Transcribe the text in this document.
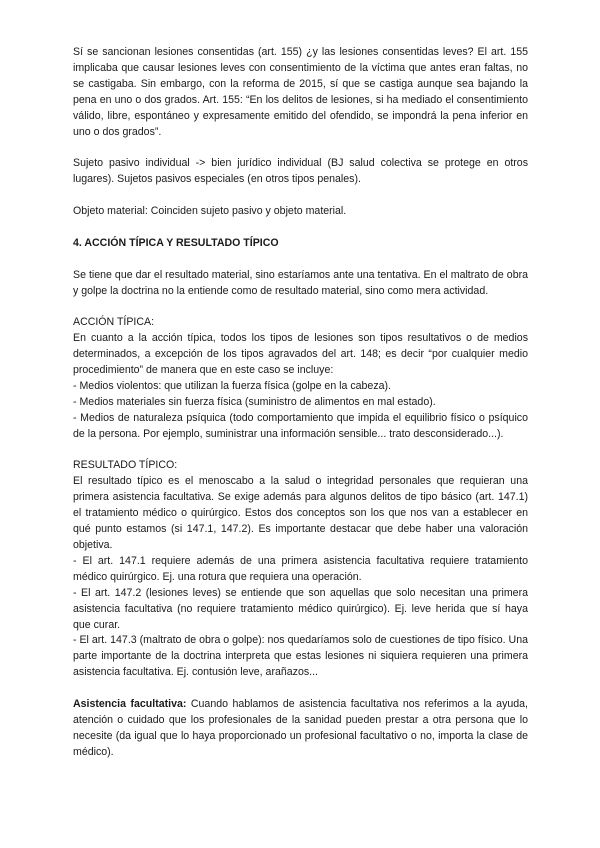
Sí se sancionan lesiones consentidas (art. 155) ¿y las lesiones consentidas leves? El art. 155 implicaba que causar lesiones leves con consentimiento de la víctima que antes eran faltas, no se castigaba. Sin embargo, con la reforma de 2015, sí que se castiga aunque sea bajando la pena en uno o dos grados. Art. 155: “En los delitos de lesiones, si ha mediado el consentimiento válido, libre, espontáneo y expresamente emitido del ofendido, se impondrá la pena inferior en uno o dos grados”.

Sujeto pasivo individual -> bien jurídico individual (BJ salud colectiva se protege en otros lugares). Sujetos pasivos especiales (en otros tipos penales).

Objeto material: Coinciden sujeto pasivo y objeto material.

4. ACCIÓN TÍPICA Y RESULTADO TÍPICO

Se tiene que dar el resultado material, sino estaríamos ante una tentativa. En el maltrato de obra y golpe la doctrina no la entiende como de resultado material, sino como mera actividad.

ACCIÓN TÍPICA:

En cuanto a la acción típica, todos los tipos de lesiones son tipos resultativos o de medios determinados, a excepción de los tipos agravados del art. 148; es decir “por cualquier medio procedimiento” de manera que en este caso se incluye:

- Medios violentos: que utilizan la fuerza física (golpe en la cabeza).

- Medios materiales sin fuerza física (suministro de alimentos en mal estado).

- Medios de naturaleza psíquica (todo comportamiento que impida el equilibrio físico o psíquico de la persona. Por ejemplo, suministrar una información sensible... trato desconsiderado...).

RESULTADO TÍPICO:

El resultado típico es el menoscabo a la salud o integridad personales que requieran una primera asistencia facultativa. Se exige además para algunos delitos de tipo básico (art. 147.1) el tratamiento médico o quirúrgico. Estos dos conceptos son los que nos van a establecer en qué punto estamos (si 147.1, 147.2). Es importante destacar que debe haber una valoración objetiva.

- El art. 147.1 requiere además de una primera asistencia facultativa requiere tratamiento médico quirúrgico. Ej. una rotura que requiera una operación.

- El art. 147.2 (lesiones leves) se entiende que son aquellas que solo necesitan una primera asistencia facultativa (no requiere tratamiento médico quirúrgico). Ej. leve herida que sí haya que curar.

- El art. 147.3 (maltrato de obra o golpe): nos quedaríamos solo de cuestiones de tipo físico. Una parte importante de la doctrina interpreta que estas lesiones ni siquiera requieren una primera asistencia facultativa. Ej. contusión leve, arañazos...

Asistencia facultativa: Cuando hablamos de asistencia facultativa nos referimos a la ayuda, atención o cuidado que los profesionales de la sanidad pueden prestar a otra persona que lo necesite (da igual que lo haya proporcionado un profesional facultativo o no, importa la clase de médico).
